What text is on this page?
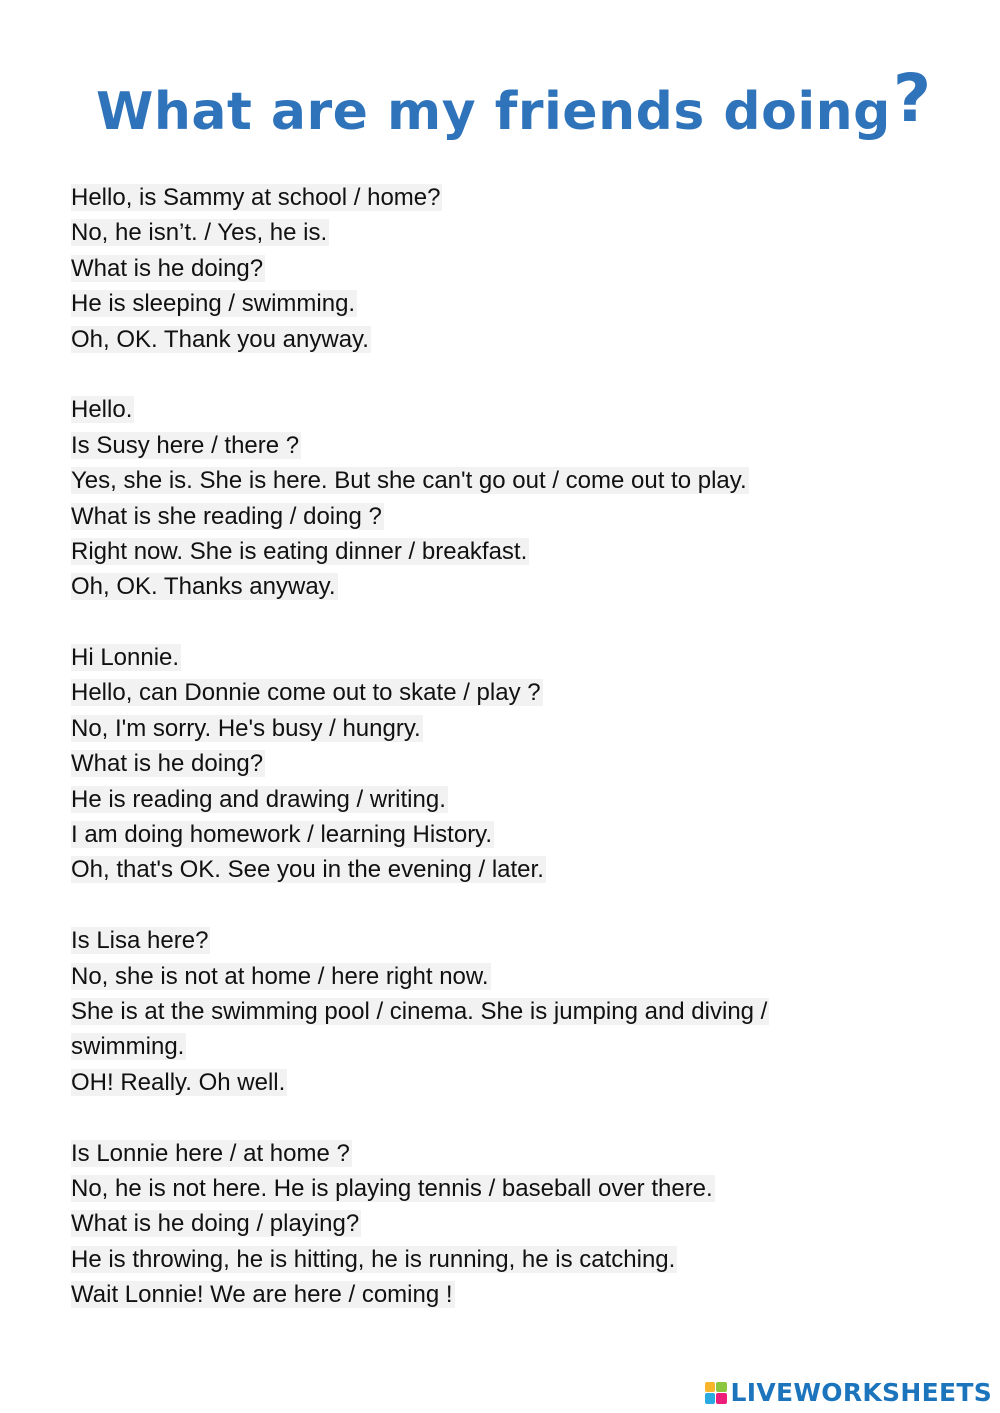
What are my friends doing?
Hello, is Sammy at school / home?
No, he isn’t. / Yes, he is.
What is he doing?
He is sleeping / swimming.
Oh, OK. Thank you anyway.
Hello.
Is Susy here / there ?
Yes, she is. She is here. But she can't go out / come out to play.
What is she reading / doing ?
Right now. She is eating dinner / breakfast.
Oh, OK. Thanks anyway.
Hi Lonnie.
Hello, can Donnie come out to skate / play ?
No, I'm sorry. He's busy / hungry.
What is he doing?
He is reading and drawing / writing.
I am doing homework / learning History.
Oh, that's OK. See you in the evening / later.
Is Lisa here?
No, she is not at home / here right now.
She is at the swimming pool / cinema. She is jumping and diving /
swimming.
OH! Really. Oh well.
Is Lonnie here / at home ?
No, he is not here. He is playing tennis / baseball over there.
What is he doing / playing?
He is throwing, he is hitting, he is running, he is catching.
Wait Lonnie! We are here / coming !
LIVEWORKSHEETS
